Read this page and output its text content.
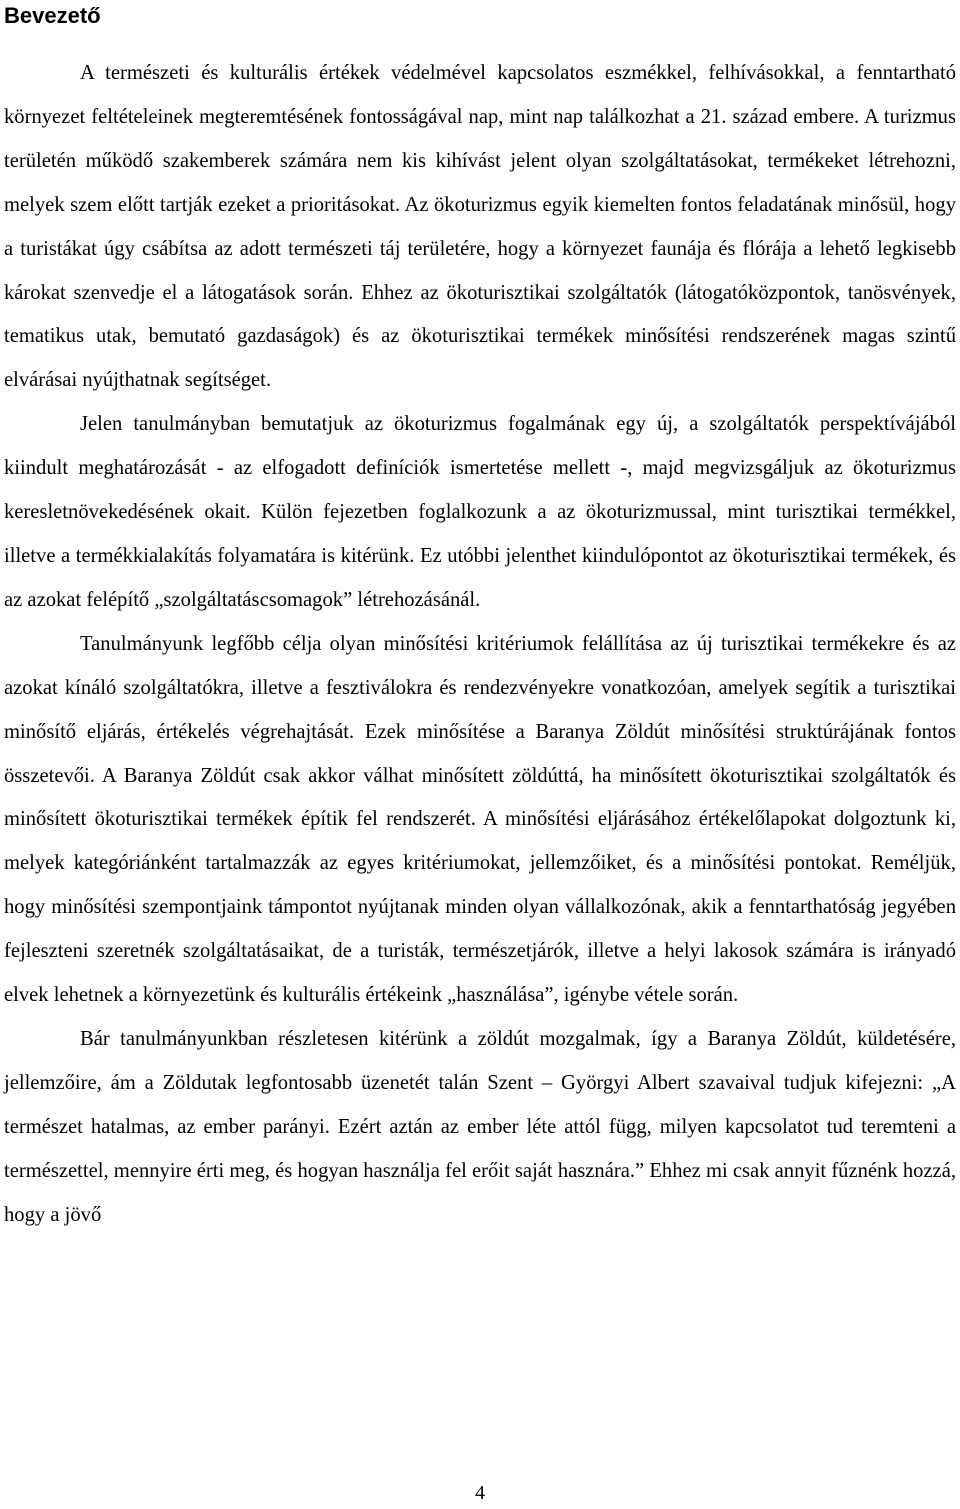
Bevezető

A természeti és kulturális értékek védelmével kapcsolatos eszmékkel, felhívásokkal, a fenntartható környezet feltételeinek megteremtésének fontosságával nap, mint nap találkozhat a 21. század embere. A turizmus területén működő szakemberek számára nem kis kihívást jelent olyan szolgáltatásokat, termékeket létrehozni, melyek szem előtt tartják ezeket a prioritásokat. Az ökoturizmus egyik kiemelten fontos feladatának minősül, hogy a turistákat úgy csábítsa az adott természeti táj területére, hogy a környezet faunája és flórája a lehető legkisebb károkat szenvedje el a látogatások során. Ehhez az ökoturisztikai szolgáltatók (látogatóközpontok, tanösvények, tematikus utak, bemutató gazdaságok) és az ökoturisztikai termékek minősítési rendszerének magas szintű elvárásai nyújthatnak segítséget.

Jelen tanulmányban bemutatjuk az ökoturizmus fogalmának egy új, a szolgáltatók perspektívájából kiindult meghatározását - az elfogadott definíciók ismertetése mellett -, majd megvizsgáljuk az ökoturizmus keresletnövekedésének okait. Külön fejezetben foglalkozunk a az ökoturizmussal, mint turisztikai termékkel, illetve a termékkialakítás folyamatára is kitérünk. Ez utóbbi jelenthet kiindulópontot az ökoturisztikai termékek, és az azokat felépítő „szolgáltatáscsomagok” létrehozásánál.

Tanulmányunk legfőbb célja olyan minősítési kritériumok felállítása az új turisztikai termékekre és az azokat kínáló szolgáltatókra, illetve a fesztiválokra és rendezvényekre vonatkozóan, amelyek segítik a turisztikai minősítő eljárás, értékelés végrehajtását. Ezek minősítése a Baranya Zöldút minősítési struktúrájának fontos összetevői. A Baranya Zöldút csak akkor válhat minősített zöldúttá, ha minősített ökoturisztikai szolgáltatók és minősített ökoturisztikai termékek építik fel rendszerét. A minősítési eljárásához értékelőlapokat dolgoztunk ki, melyek kategóriánként tartalmazzák az egyes kritériumokat, jellemzőiket, és a minősítési pontokat. Reméljük, hogy minősítési szempontjaink támpontot nyújtanak minden olyan vállalkozónak, akik a fenntarthatóság jegyében fejleszteni szeretnék szolgáltatásaikat, de a turisták, természetjárók, illetve a helyi lakosok számára is irányadó elvek lehetnek a környezetünk és kulturális értékeink „használása”, igénybe vétele során.

Bár tanulmányunkban részletesen kitérünk a zöldút mozgalmak, így a Baranya Zöldút, küldetésére, jellemzőire, ám a Zöldutak legfontosabb üzenetét talán Szent – Györgyi Albert szavaival tudjuk kifejezni: „A természet hatalmas, az ember parányi. Ezért aztán az ember léte attól függ, milyen kapcsolatot tud teremteni a természettel, mennyire érti meg, és hogyan használja fel erőit saját hasznára.” Ehhez mi csak annyit fűznénk hozzá, hogy a jövő

4
